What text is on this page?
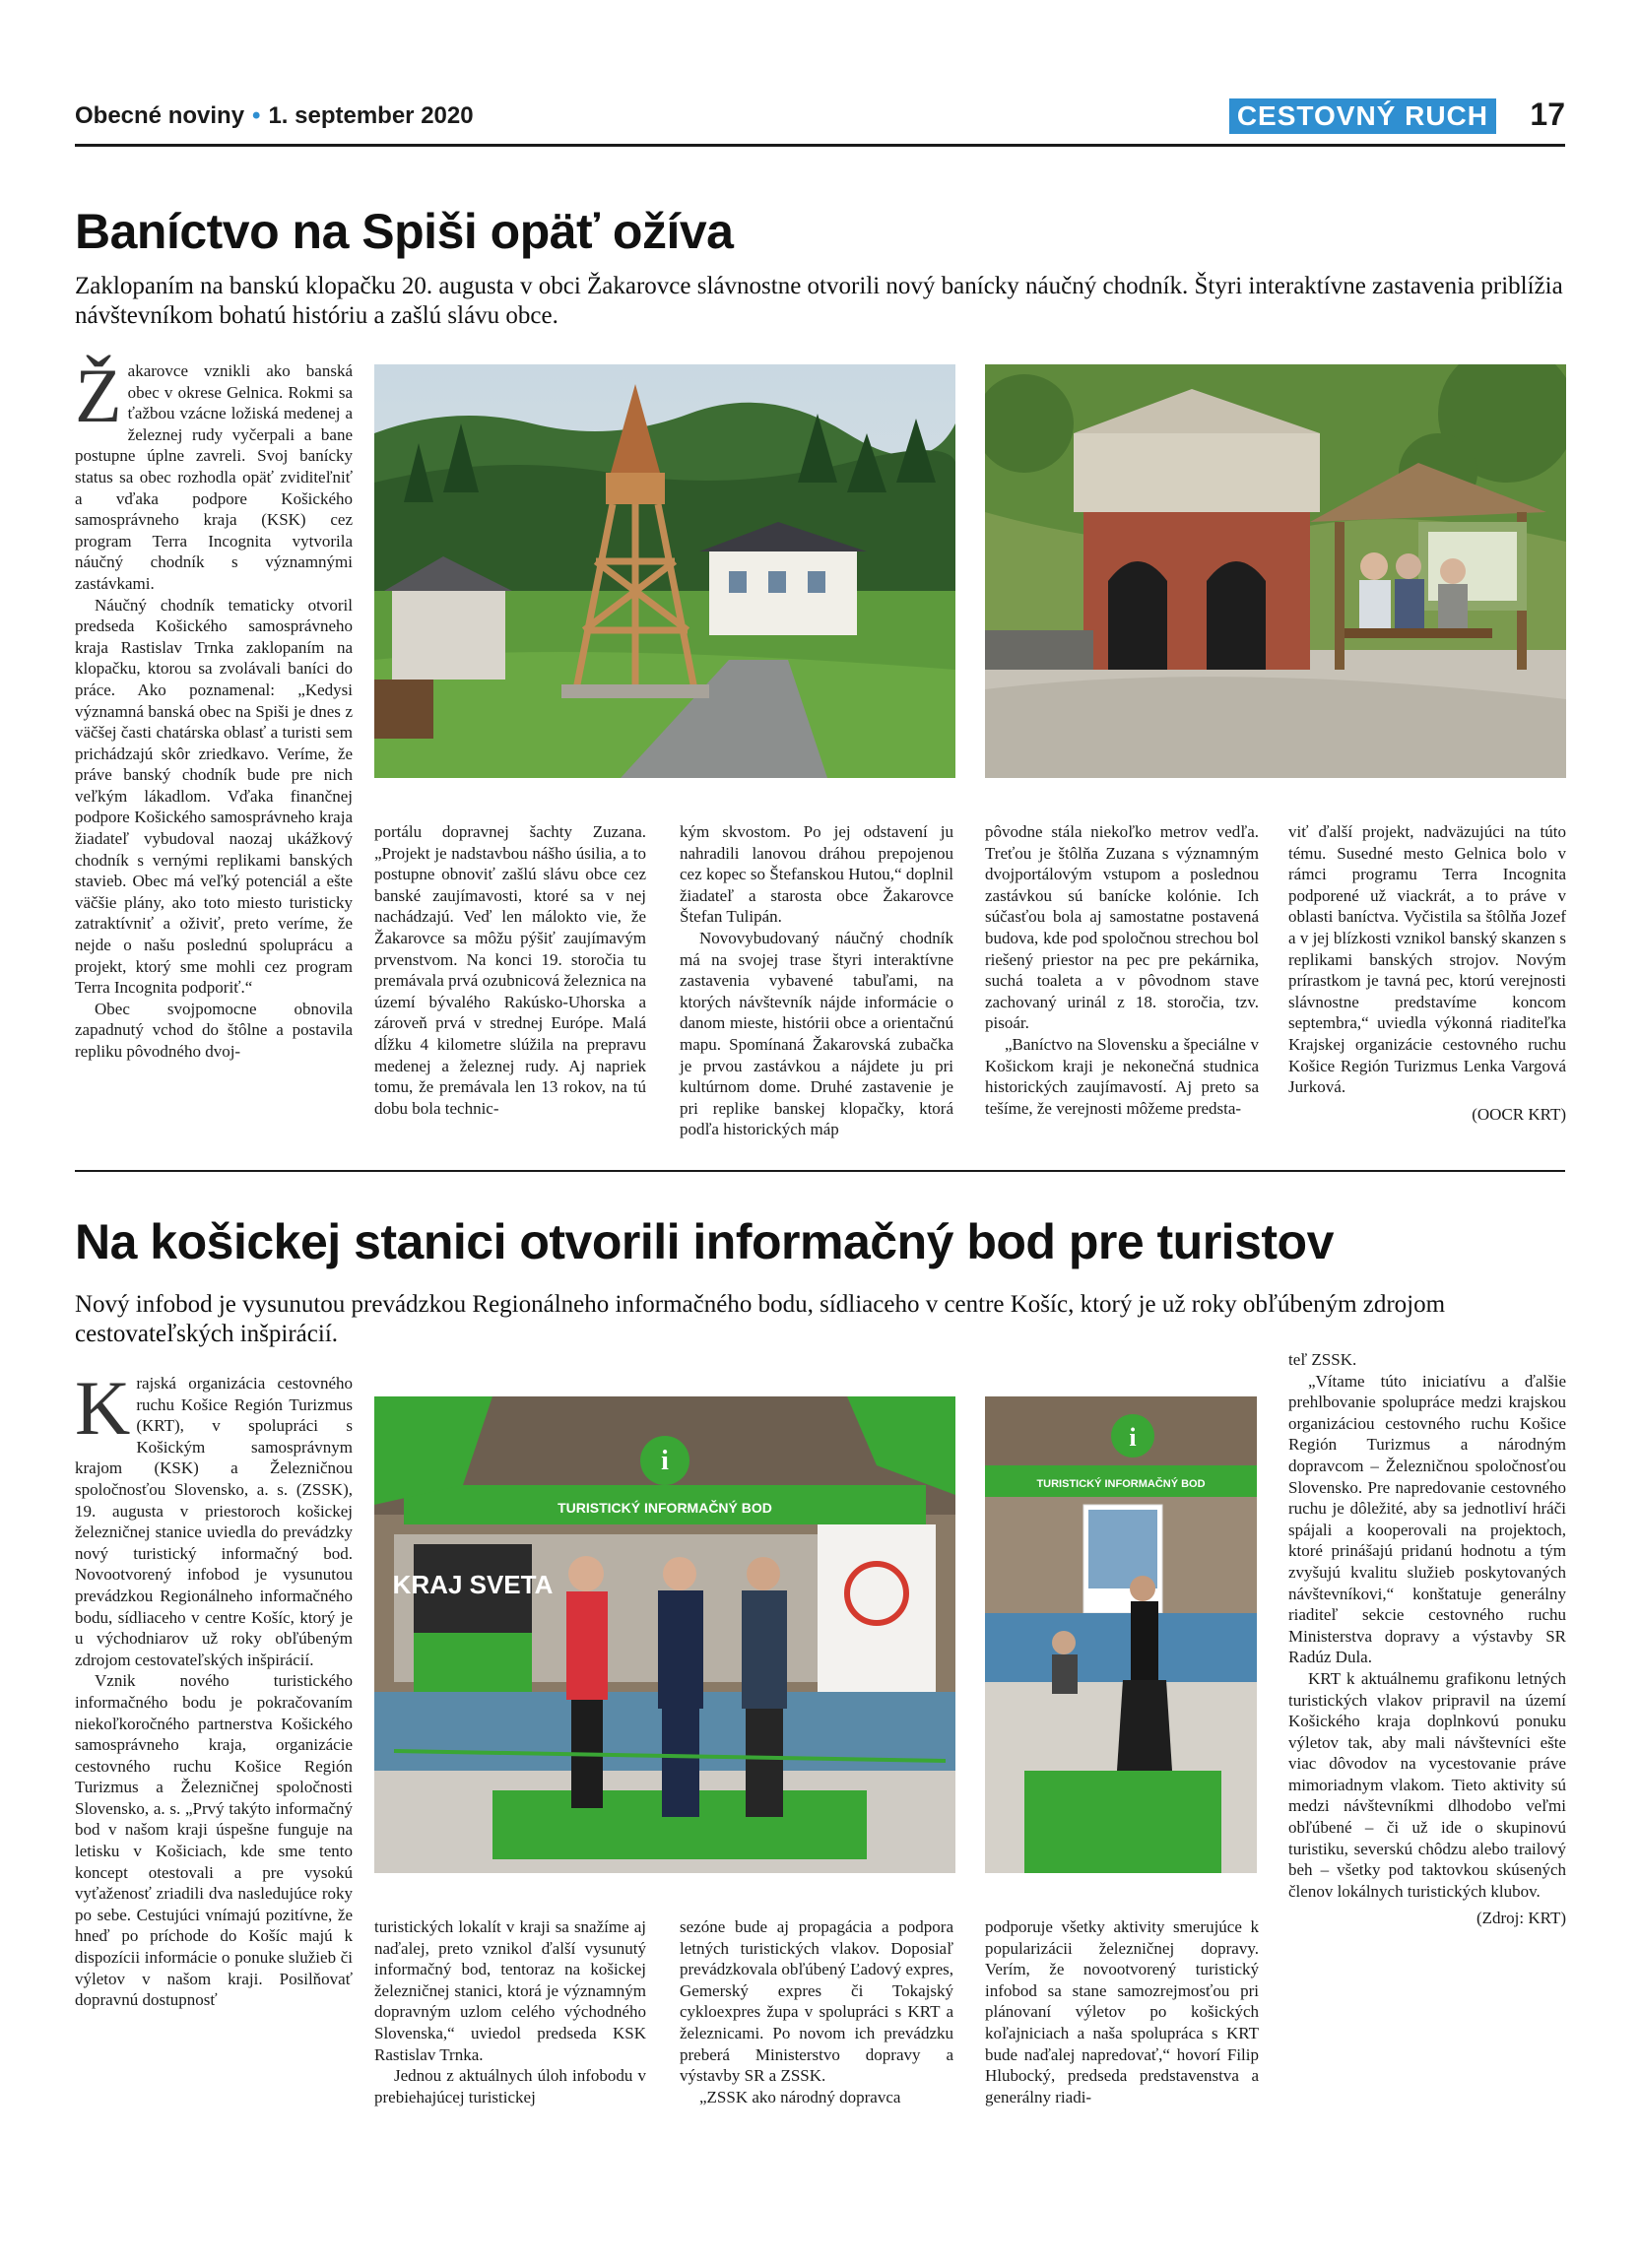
Obecné noviny • 1. september 2020	CESTOVNÝ RUCH 17
Baníctvo na Spiši opäť ožíva

Zaklopaním na banskú klopačku 20. augusta v obci Žakarovce slávnostne otvorili nový banícky náučný chodník. Štyri interaktívne zastavenia priblížia návštevníkom bohatú históriu a zašlú slávu obce.

Žakarovce vznikli ako banská obec v okrese Gelnica. Rokmi sa ťažbou vzácne ložiská medenej a železnej rudy vyčerpali a bane postupne úplne zavreli. Svoj banícky status sa obec rozhodla opäť zviditeľniť a vďaka podpore Košického samosprávneho kraja (KSK) cez program Terra Incognita vytvorila náučný chodník s významnými zastávkami.

Náučný chodník tematicky otvoril predseda Košického samosprávneho kraja Rastislav Trnka zaklopaním na klopačku, ktorou sa zvolávali baníci do práce. Ako poznamenal: „Kedysi významná banská obec na Spiši je dnes z väčšej časti chatárska oblasť a turisti sem prichádzajú skôr zriedkavo. Veríme, že práve banský chodník bude pre nich veľkým lákadlom. Vďaka finančnej podpore Košického samosprávneho kraja žiadateľ vybudoval naozaj ukážkový chodník s vernými replikami banských stavieb. Obec má veľký potenciál a ešte väčšie plány, ako toto miesto turisticky zatraktívniť a oživiť, preto veríme, že nejde o našu poslednú spoluprácu a projekt, ktorý sme mohli cez program Terra Incognita podporiť.“

Obec svojpomocne obnovila zapadnutý vchod do štôlne a postavila repliku pôvodného dvoj-

portálu dopravnej šachty Zuzana. „Projekt je nadstavbou nášho úsilia, a to postupne obnoviť zašlú slávu obce cez banské zaujímavosti, ktoré sa v nej nachádzajú. Veď len málokto vie, že Žakarovce sa môžu pýšiť zaujímavým prvenstvom. Na konci 19. storočia tu premávala prvá ozubnicová železnica na území bývalého Rakúsko-Uhorska a zároveň prvá v strednej Európe. Malá dĺžku 4 kilometre slúžila na prepravu medenej a železnej rudy. Aj napriek tomu, že premávala len 13 rokov, na tú dobu bola technic-

kým skvostom. Po jej odstavení ju nahradili lanovou dráhou prepojenou cez kopec so Štefanskou Hutou,“ doplnil žiadateľ a starosta obce Žakarovce Štefan Tulipán.

Novovybudovaný náučný chodník má na svojej trase štyri interaktívne zastavenia vybavené tabuľami, na ktorých návštevník nájde informácie o danom mieste, histórii obce a orientačnú mapu. Spomínaná Žakarovská zubačka je prvou zastávkou a nájdete ju pri kultúrnom dome. Druhé zastavenie je pri replike banskej klopačky, ktorá podľa historických máp

pôvodne stála niekoľko metrov vedľa. Treťou je štôlňa Zuzana s významným dvojportálovým vstupom a poslednou zastávkou sú banícke kolónie. Ich súčasťou bola aj samostatne postavená budova, kde pod spoločnou strechou bol riešený priestor na pec pre pekárnika, suchá toaleta a v pôvodnom stave zachovaný urinál z 18. storočia, tzv. pisoár.

„Baníctvo na Slovensku a špeciálne v Košickom kraji je nekonečná studnica historických zaujímavostí. Aj preto sa tešíme, že verejnosti môžeme predsta-

viť ďalší projekt, nadväzujúci na túto tému. Susedné mesto Gelnica bolo v rámci programu Terra Incognita podporené už viackrát, a to práve v oblasti baníctva. Vyčistila sa štôlňa Jozef a v jej blízkosti vznikol banský skanzen s replikami banských strojov. Novým prírastkom je tavná pec, ktorú verejnosti slávnostne predstavíme koncom septembra,“ uviedla výkonná riaditeľka Krajskej organizácie cestovného ruchu Košice Región Turizmus Lenka Vargová Jurková.

(OOCR KRT)
Na košickej stanici otvorili informačný bod pre turistov

Nový infobod je vysunutou prevádzkou Regionálneho informačného bodu, sídliaceho v centre Košíc, ktorý je už roky obľúbeným zdrojom cestovateľských inšpirácií.

Krajská organizácia cestovného ruchu Košice Región Turizmus (KRT), v spolupráci s Košickým samosprávnym krajom (KSK) a Železničnou spoločnosťou Slovensko, a. s. (ZSSK), 19. augusta v priestoroch košickej železničnej stanice uviedla do prevádzky nový turistický informačný bod. Novootvorený infobod je vysunutou prevádzkou Regionálneho informačného bodu, sídliaceho v centre Košíc, ktorý je u východniarov už roky obľúbeným zdrojom cestovateľských inšpirácií.

Vznik nového turistického informačného bodu je pokračovaním niekoľkoročného partnerstva Košického samosprávneho kraja, organizácie cestovného ruchu Košice Región Turizmus a Železničnej spoločnosti Slovensko, a. s. „Prvý takýto informačný bod v našom kraji úspešne funguje na letisku v Košiciach, kde sme tento koncept otestovali a pre vysokú vyťaženosť zriadili dva nasledujúce roky po sebe. Cestujúci vnímajú pozitívne, že hneď po príchode do Košíc majú k dispozícii informácie o ponuke služieb či výletov v našom kraji. Posilňovať dopravnú dostupnosť

TURISTICKÝ INFORMAČNÝ BOD
i
KRAJ SVETA
TURISTICKÝ INFORMAČNÝ BOD
i

turistických lokalít v kraji sa snažíme aj naďalej, preto vznikol ďalší vysunutý informačný bod, tentoraz na košickej železničnej stanici, ktorá je významným dopravným uzlom celého východného Slovenska,“ uviedol predseda KSK Rastislav Trnka.

Jednou z aktuálnych úloh infobodu v prebiehajúcej turistickej

sezóne bude aj propagácia a podpora letných turistických vlakov. Doposiaľ prevádzkovala obľúbený Ľadový expres, Gemerský expres či Tokajský cykloexpres župa v spolupráci s KRT a železnicami. Po novom ich prevádzku preberá Ministerstvo dopravy a výstavby SR a ZSSK.

„ZSSK ako národný dopravca

podporuje všetky aktivity smerujúce k popularizácii železničnej dopravy. Verím, že novootvorený turistický infobod sa stane samozrejmosťou pri plánovaní výletov po košických koľajniciach a naša spolupráca s KRT bude naďalej napredovať,“ hovorí Filip Hlubocký, predseda predstavenstva a generálny riadi-

teľ ZSSK.

„Vítame túto iniciatívu a ďalšie prehlbovanie spolupráce medzi krajskou organizáciou cestovného ruchu Košice Región Turizmus a národným dopravcom – Železničnou spoločnosťou Slovensko. Pre napredovanie cestovného ruchu je dôležité, aby sa jednotliví hráči spájali a kooperovali na projektoch, ktoré prinášajú pridanú hodnotu a tým zvyšujú kvalitu služieb poskytovaných návštevníkovi,“ konštatuje generálny riaditeľ sekcie cestovného ruchu Ministerstva dopravy a výstavby SR Radúz Dula.

KRT k aktuálnemu grafikonu letných turistických vlakov pripravil na území Košického kraja doplnkovú ponuku výletov tak, aby mali návštevníci ešte viac dôvodov na vycestovanie práve mimoriadnym vlakom. Tieto aktivity sú medzi návštevníkmi dlhodobo veľmi obľúbené – či už ide o skupinovú turistiku, severskú chôdzu alebo trailový beh – všetky pod taktovkou skúsených členov lokálnych turistických klubov.

(Zdroj: KRT)
